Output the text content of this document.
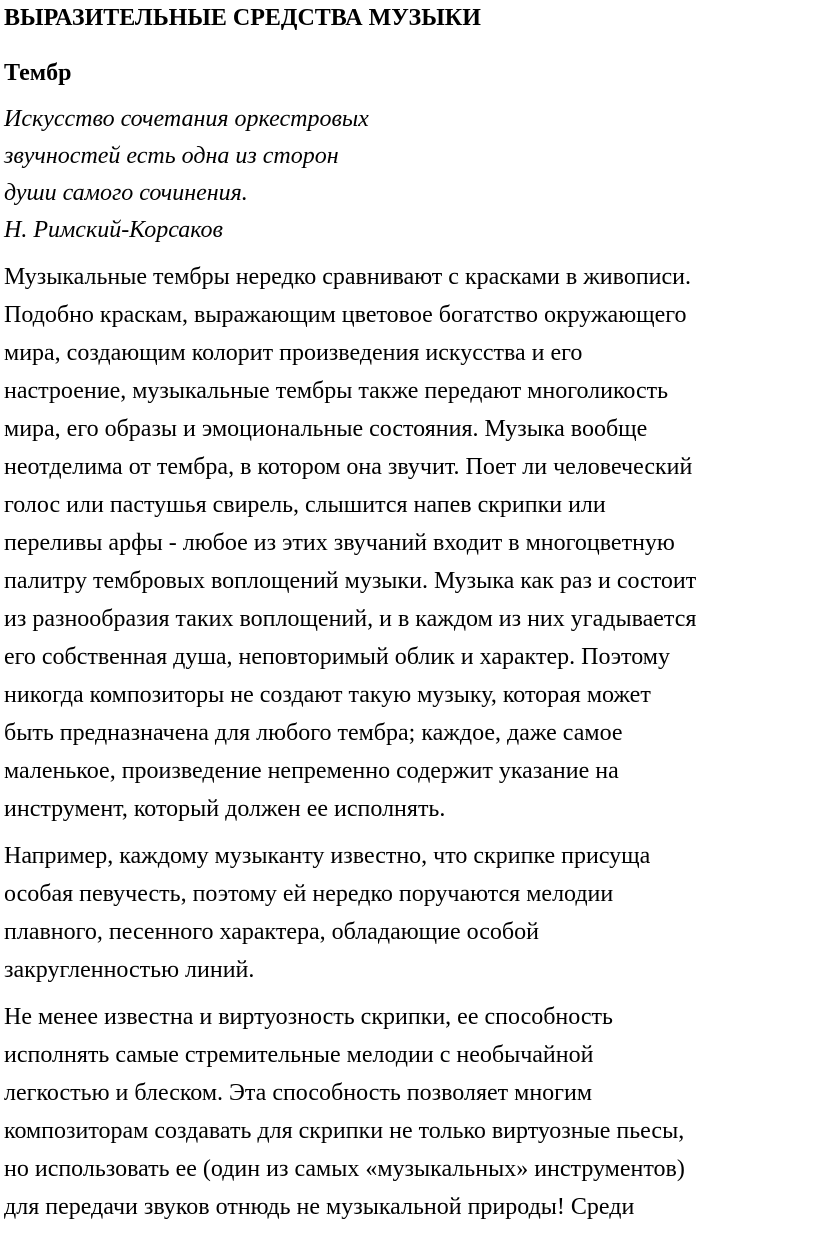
ВЫРАЗИТЕЛЬНЫЕ СРЕДСТВА МУЗЫКИ
Тембр
Искусство сочетания оркестровых
звучностей есть одна из сторон
души самого сочинения.
Н. Римский-Корсаков
Музыкальные тембры нередко сравнивают с красками в живописи.
Подобно краскам, выражающим цветовое богатство окружающего
мира, создающим колорит произведения искусства и его
настроение, музыкальные тембры также передают многоликость
мира, его образы и эмоциональные состояния. Музыка вообще
неотделима от тембра, в котором она звучит. Поет ли человеческий
голос или пастушья свирель, слышится напев скрипки или
переливы арфы - любое из этих звучаний входит в многоцветную
палитру тембровых воплощений музыки. Музыка как раз и состоит
из разнообразия таких воплощений, и в каждом из них угадывается
его собственная душа, неповторимый облик и характер. Поэтому
никогда композиторы не создают такую музыку, которая может
быть предназначена для любого тембра; каждое, даже самое
маленькое, произведение непременно содержит указание на
инструмент, который должен ее исполнять.
Например, каждому музыканту известно, что скрипке присуща
особая певучесть, поэтому ей нередко поручаются мелодии
плавного, песенного характера, обладающие особой
закругленностью линий.
Не менее известна и виртуозность скрипки, ее способность
исполнять самые стремительные мелодии с необычайной
легкостью и блеском. Эта способность позволяет многим
композиторам создавать для скрипки не только виртуозные пьесы,
но использовать ее (один из самых «музыкальных» инструментов)
для передачи звуков отнюдь не музыкальной природы! Среди
